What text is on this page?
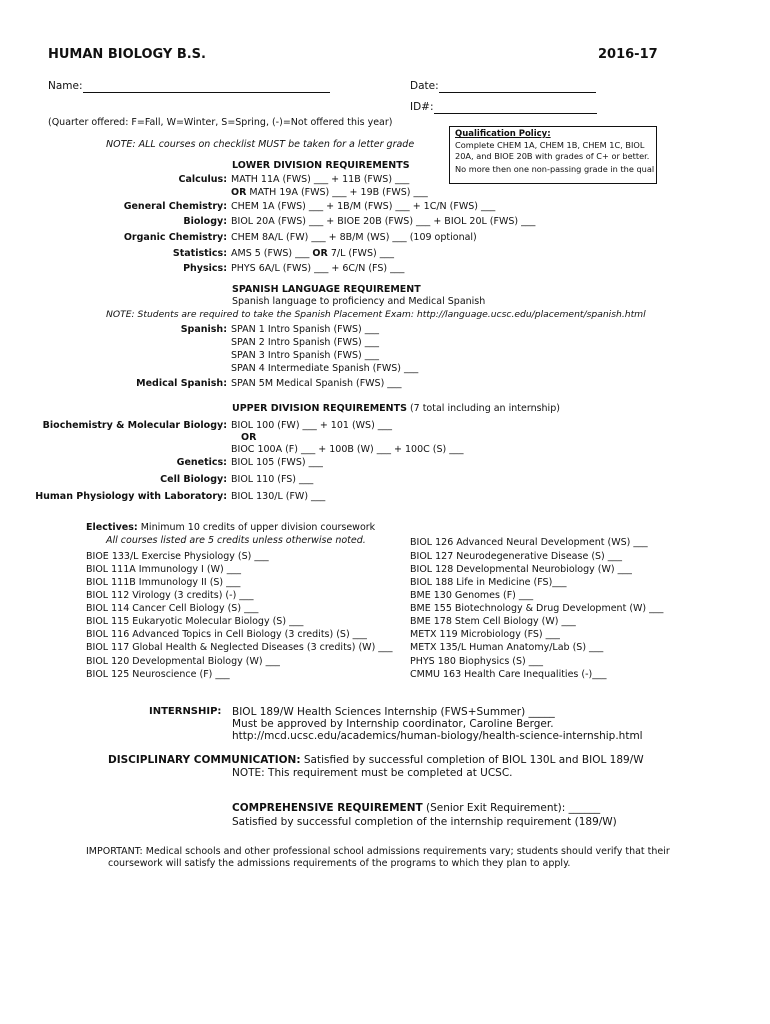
HUMAN BIOLOGY B.S.	2016-17
Name:	Date:
ID#:
(Quarter offered: F=Fall, W=Winter, S=Spring, (-)=Not offered this year)
NOTE: ALL courses on checklist MUST be taken for a letter grade
Qualification Policy:
Complete CHEM 1A, CHEM 1B, CHEM 1C, BIOL
20A, and BIOE 20B with grades of C+ or better.
No more then one non-passing grade in the qual
LOWER DIVISION REQUIREMENTS
Calculus: MATH 11A (FWS) ___ + 11B (FWS) ___
OR MATH 19A (FWS) ___ + 19B (FWS) ___
General Chemistry: CHEM 1A (FWS) ___ + 1B/M (FWS) ___ + 1C/N (FWS) ___
Biology: BIOL 20A (FWS) ___ + BIOE 20B (FWS) ___ + BIOL 20L (FWS) ___
Organic Chemistry: CHEM 8A/L (FW) ___ + 8B/M (WS) ___ (109 optional)
Statistics: AMS 5 (FWS) ___ OR 7/L (FWS) ___
Physics: PHYS 6A/L (FWS) ___ + 6C/N (FS) ___
SPANISH LANGUAGE REQUIREMENT
Spanish language to proficiency and Medical Spanish
NOTE: Students are required to take the Spanish Placement Exam: http://language.ucsc.edu/placement/spanish.html
Spanish: SPAN 1 Intro Spanish (FWS) ___
SPAN 2 Intro Spanish (FWS) ___
SPAN 3 Intro Spanish (FWS) ___
SPAN 4 Intermediate Spanish (FWS) ___
Medical Spanish: SPAN 5M Medical Spanish (FWS) ___
UPPER DIVISION REQUIREMENTS (7 total including an internship)
Biochemistry & Molecular Biology: BIOL 100 (FW) ___ + 101 (WS) ___
OR
BIOC 100A (F) ___ + 100B (W) ___ + 100C (S) ___
Genetics: BIOL 105 (FWS) ___
Cell Biology: BIOL 110 (FS) ___
Human Physiology with Laboratory: BIOL 130/L (FW) ___
Electives: Minimum 10 credits of upper division coursework
All courses listed are 5 credits unless otherwise noted.
BIOE 133/L Exercise Physiology (S) ___
BIOL 111A Immunology I (W) ___
BIOL 111B Immunology II (S) ___
BIOL 112 Virology (3 credits) (-) ___
BIOL 114 Cancer Cell Biology (S) ___
BIOL 115 Eukaryotic Molecular Biology (S) ___
BIOL 116 Advanced Topics in Cell Biology (3 credits) (S) ___
BIOL 117 Global Health & Neglected Diseases (3 credits) (W) ___
BIOL 120 Developmental Biology (W) ___
BIOL 125 Neuroscience (F) ___
BIOL 126 Advanced Neural Development (WS) ___
BIOL 127 Neurodegenerative Disease (S) ___
BIOL 128 Developmental Neurobiology (W) ___
BIOL 188 Life in Medicine (FS)___
BME 130 Genomes (F) ___
BME 155 Biotechnology & Drug Development (W) ___
BME 178 Stem Cell Biology (W) ___
METX 119 Microbiology (FS) ___
METX 135/L Human Anatomy/Lab (S) ___
PHYS 180 Biophysics (S) ___
CMMU 163 Health Care Inequalities (-)___
INTERNSHIP: BIOL 189/W Health Sciences Internship (FWS+Summer) _____
Must be approved by Internship coordinator, Caroline Berger.
http://mcd.ucsc.edu/academics/human-biology/health-science-internship.html
DISCIPLINARY COMMUNICATION: Satisfied by successful completion of BIOL 130L and BIOL 189/W
NOTE: This requirement must be completed at UCSC.
COMPREHENSIVE REQUIREMENT (Senior Exit Requirement): ______
Satisfied by successful completion of the internship requirement (189/W)
IMPORTANT: Medical schools and other professional school admissions requirements vary; students should verify that their
coursework will satisfy the admissions requirements of the programs to which they plan to apply.
